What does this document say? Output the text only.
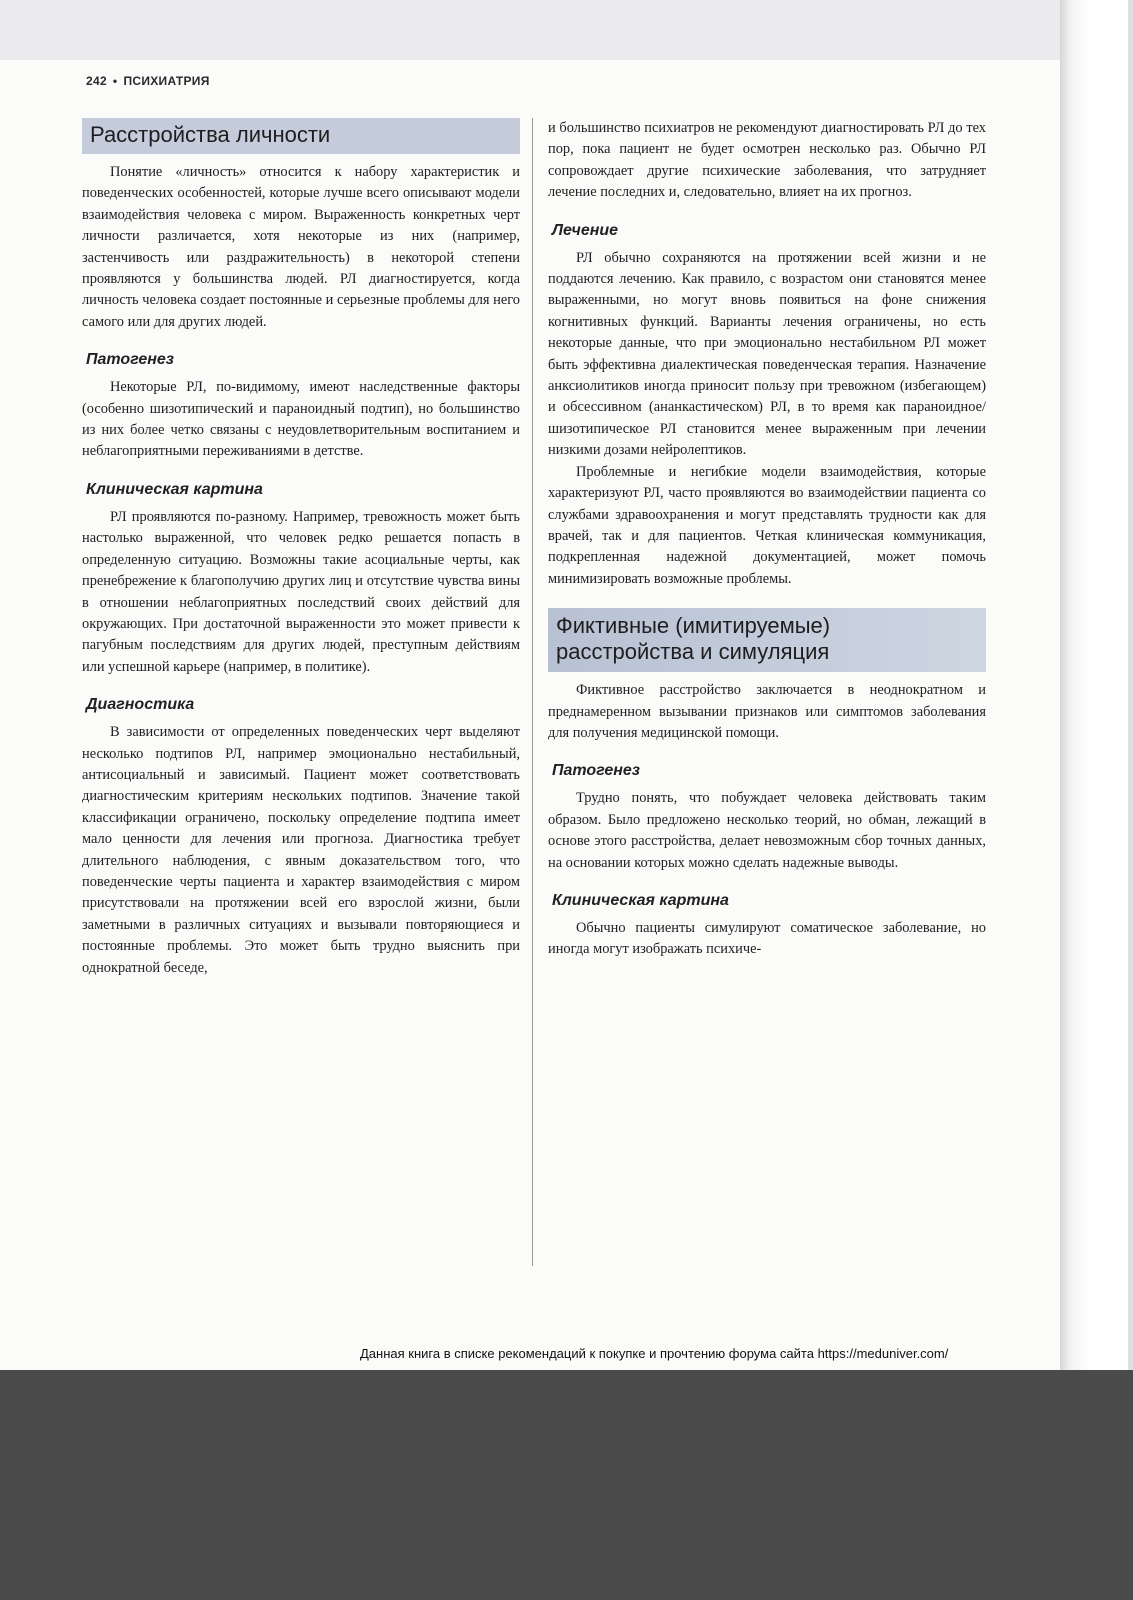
242 • ПСИХИАТРИЯ
Расстройства личности

Понятие «личность» относится к набору характеристик и поведенческих особенностей, которые лучше всего описывают модели взаимодействия человека с миром. Выраженность конкретных черт личности различается, хотя некоторые из них (например, застенчивость или раздражительность) в некоторой степени проявляются у большинства людей. РЛ диагностируется, когда личность человека создает постоянные и серьезные проблемы для него самого или для других людей.

Патогенез

Некоторые РЛ, по-видимому, имеют наследственные факторы (особенно шизотипический и параноидный подтип), но большинство из них более четко связаны с неудовлетворительным воспитанием и неблагоприятными переживаниями в детстве.

Клиническая картина

РЛ проявляются по-разному. Например, тревожность может быть настолько выраженной, что человек редко решается попасть в определенную ситуацию. Возможны такие асоциальные черты, как пренебрежение к благополучию других лиц и отсутствие чувства вины в отношении неблагоприятных последствий своих действий для окружающих. При достаточной выраженности это может привести к пагубным последствиям для других людей, преступным действиям или успешной карьере (например, в политике).

Диагностика

В зависимости от определенных поведенческих черт выделяют несколько подтипов РЛ, например эмоционально нестабильный, антисоциальный и зависимый. Пациент может соответствовать диагностическим критериям нескольких подтипов. Значение такой классификации ограничено, поскольку определение подтипа имеет мало ценности для лечения или прогноза. Диагностика требует длительного наблюдения, с явным доказательством того, что поведенческие черты пациента и характер взаимодействия с миром присутствовали на протяжении всей его взрослой жизни, были заметными в различных ситуациях и вызывали повторяющиеся и постоянные проблемы. Это может быть трудно выяснить при однократной беседе,

и большинство психиатров не рекомендуют диагностировать РЛ до тех пор, пока пациент не будет осмотрен несколько раз. Обычно РЛ сопровождает другие психические заболевания, что затрудняет лечение последних и, следовательно, влияет на их прогноз.

Лечение

РЛ обычно сохраняются на протяжении всей жизни и не поддаются лечению. Как правило, с возрастом они становятся менее выраженными, но могут вновь появиться на фоне снижения когнитивных функций. Варианты лечения ограничены, но есть некоторые данные, что при эмоционально нестабильном РЛ может быть эффективна диалектическая поведенческая терапия. Назначение анксиолитиков иногда приносит пользу при тревожном (избегающем) и обсессивном (ананкастическом) РЛ, в то время как параноидное/шизотипическое РЛ становится менее выраженным при лечении низкими дозами нейролептиков.

Проблемные и негибкие модели взаимодействия, которые характеризуют РЛ, часто проявляются во взаимодействии пациента со службами здравоохранения и могут представлять трудности как для врачей, так и для пациентов. Четкая клиническая коммуникация, подкрепленная надежной документацией, может помочь минимизировать возможные проблемы.

Фиктивные (имитируемые)
расстройства и симуляция

Фиктивное расстройство заключается в неоднократном и преднамеренном вызывании признаков или симптомов заболевания для получения медицинской помощи.

Патогенез

Трудно понять, что побуждает человека действовать таким образом. Было предложено несколько теорий, но обман, лежащий в основе этого расстройства, делает невозможным сбор точных данных, на основании которых можно сделать надежные выводы.

Клиническая картина

Обычно пациенты симулируют соматическое заболевание, но иногда могут изображать психиче-

Данная книга в списке рекомендаций к покупке и прочтению форума сайта https://meduniver.com/
